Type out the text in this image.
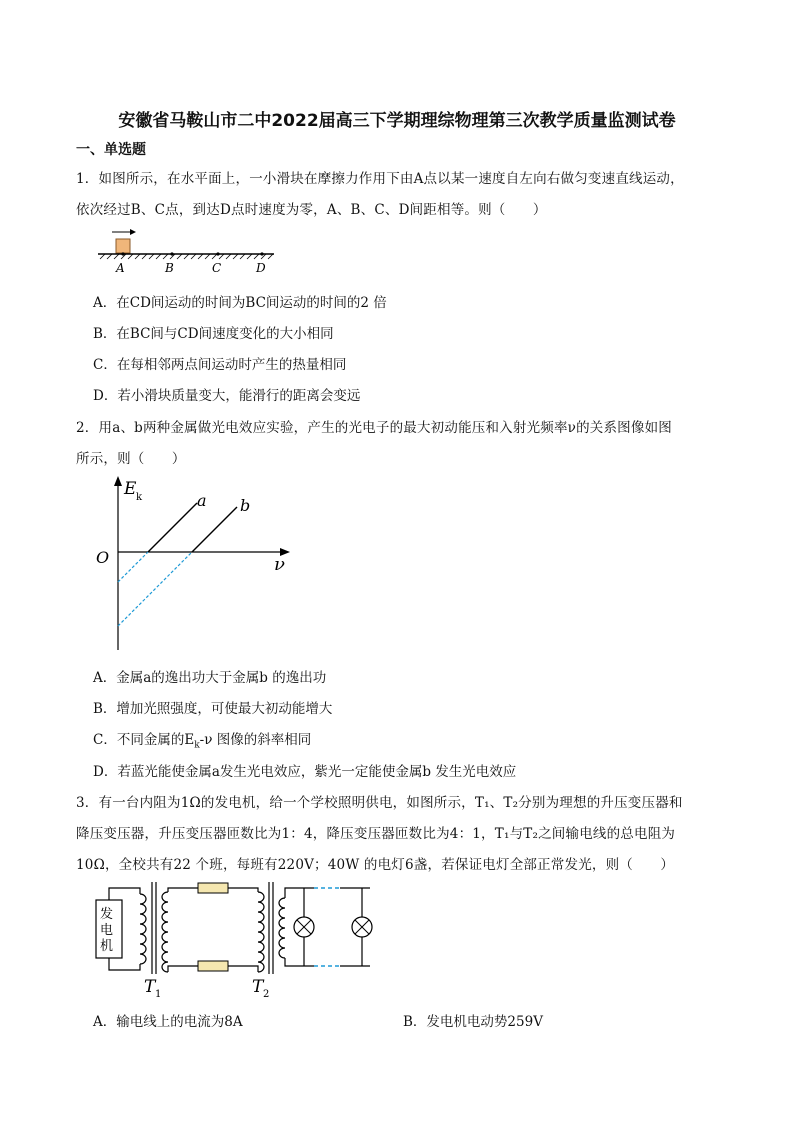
安徽省马鞍山市二中2022届高三下学期理综物理第三次教学质量监测试卷
一、单选题
1．如图所示，在水平面上，一小滑块在摩擦力作用下由A点以某一速度自左向右做匀变速直线运动，
依次经过B、C点，到达D点时速度为零，A、B、C、D间距相等。则（　　）
A	B	C	D
A．在CD间运动的时间为BC间运动的时间的2 倍
B．在BC间与CD间速度变化的大小相同
C．在每相邻两点间运动时产生的热量相同
D．若小滑块质量变大，能滑行的距离会变远
2．用a、b两种金属做光电效应实验，产生的光电子的最大初动能压和入射光频率ν的关系图像如图
所示，则（　　）
E k
ν
O
a b
A．金属a的逸出功大于金属b 的逸出功
B．增加光照强度，可使最大初动能增大
C．不同金属的$E_k-\nu$ 图像的斜率相同
D．若蓝光能使金属a发生光电效应，紫光一定能使金属b 发生光电效应
3．有一台内阻为1Ω的发电机，给一个学校照明供电，如图所示，T₁、T₂分别为理想的升压变压器和
降压变压器，升压变压器匝数比为1：4，降压变压器匝数比为4：1，T₁与T₂之间输电线的总电阻为
10Ω，全校共有22 个班，每班有220V；40W 的电灯6盏，若保证电灯全部正常发光，则（　　）
发
电
机
T 1	T 2
A．输电线上的电流为8A	B．发电机电动势259V
